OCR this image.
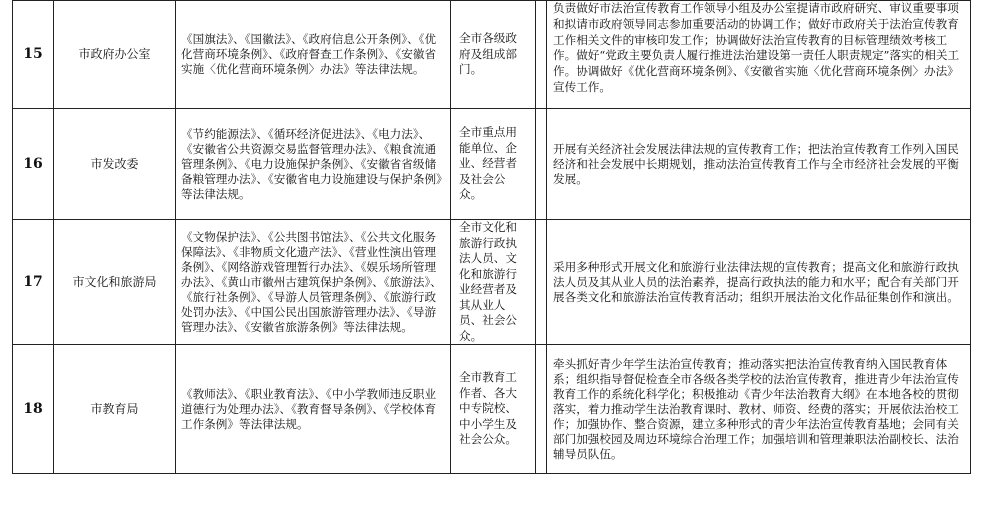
15	市政府办公室	《国旗法》、《国徽法》、《政府信息公开条例》、《优化营商环境条例》、《政府督查工作条例》、《安徽省实施〈优化营商环境条例〉办法》等法律法规。	全市各级政府及组成部门。		负责做好市法治宣传教育工作领导小组及办公室提请市政府研究、审议重要事项和拟请市政府领导同志参加重要活动的协调工作；做好市政府关于法治宣传教育工作相关文件的审核印发工作；协调做好法治宣传教育的目标管理绩效考核工作。做好“党政主要负责人履行推进法治建设第一责任人职责规定”落实的相关工作。协调做好《优化营商环境条例》、《安徽省实施〈优化营商环境条例〉办法》宣传工作。
16	市发改委	《节约能源法》、《循环经济促进法》、《电力法》、《安徽省公共资源交易监督管理办法》、《粮食流通管理条例》、《电力设施保护条例》、《安徽省省级储备粮管理办法》、《安徽省电力设施建设与保护条例》等法律法规。	全市重点用能单位、企业、经营者及社会公众。		开展有关经济社会发展法律法规的宣传教育工作；把法治宣传教育工作列入国民经济和社会发展中长期规划，推动法治宣传教育工作与全市经济社会发展的平衡发展。
17	市文化和旅游局	《文物保护法》、《公共图书馆法》、《公共文化服务保障法》、《非物质文化遗产法》、《营业性演出管理条例》、《网络游戏管理暂行办法》、《娱乐场所管理办法》、《黄山市徽州古建筑保护条例》、《旅游法》、《旅行社条例》、《导游人员管理条例》、《旅游行政处罚办法》、《中国公民出国旅游管理办法》、《导游管理办法》、《安徽省旅游条例》等法律法规。	全市文化和旅游行政执法人员、文化和旅游行业经营者及其从业人员、社会公众。		采用多种形式开展文化和旅游行业法律法规的宣传教育；提高文化和旅游行政执法人员及其从业人员的法治素养，提高行政执法的能力和水平；配合有关部门开展各类文化和旅游法治宣传教育活动；组织开展法治文化作品征集创作和演出。
18	市教育局	《教师法》、《职业教育法》、《中小学教师违反职业道德行为处理办法》、《教育督导条例》、《学校体育工作条例》等法律法规。	全市教育工作者、各大中专院校、中小学生及社会公众。		牵头抓好青少年学生法治宣传教育；推动落实把法治宣传教育纳入国民教育体系；组织指导督促检查全市各级各类学校的法治宣传教育，推进青少年法治宣传教育工作的系统化科学化；积极推动《青少年法治教育大纲》在本地各校的贯彻落实，着力推动学生法治教育课时、教材、师资、经费的落实；开展依法治校工作；加强协作、整合资源，建立多种形式的青少年法治宣传教育基地；会同有关部门加强校园及周边环境综合治理工作；加强培训和管理兼职法治副校长、法治辅导员队伍。
